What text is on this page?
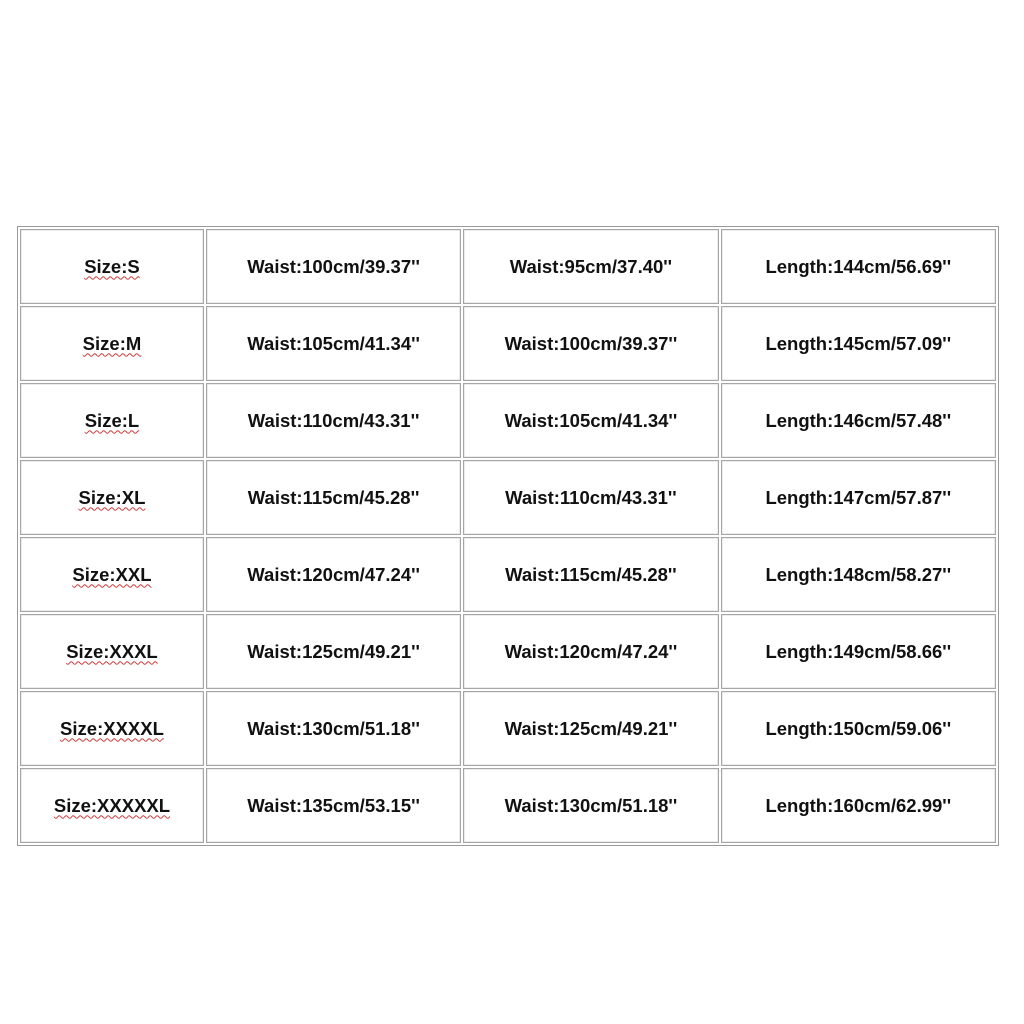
Size:S	Waist:100cm/39.37''	Waist:95cm/37.40''	Length:144cm/56.69''
Size:M	Waist:105cm/41.34''	Waist:100cm/39.37''	Length:145cm/57.09''
Size:L	Waist:110cm/43.31''	Waist:105cm/41.34''	Length:146cm/57.48''
Size:XL	Waist:115cm/45.28''	Waist:110cm/43.31''	Length:147cm/57.87''
Size:XXL	Waist:120cm/47.24''	Waist:115cm/45.28''	Length:148cm/58.27''
Size:XXXL	Waist:125cm/49.21''	Waist:120cm/47.24''	Length:149cm/58.66''
Size:XXXXL	Waist:130cm/51.18''	Waist:125cm/49.21''	Length:150cm/59.06''
Size:XXXXXL	Waist:135cm/53.15''	Waist:130cm/51.18''	Length:160cm/62.99''
